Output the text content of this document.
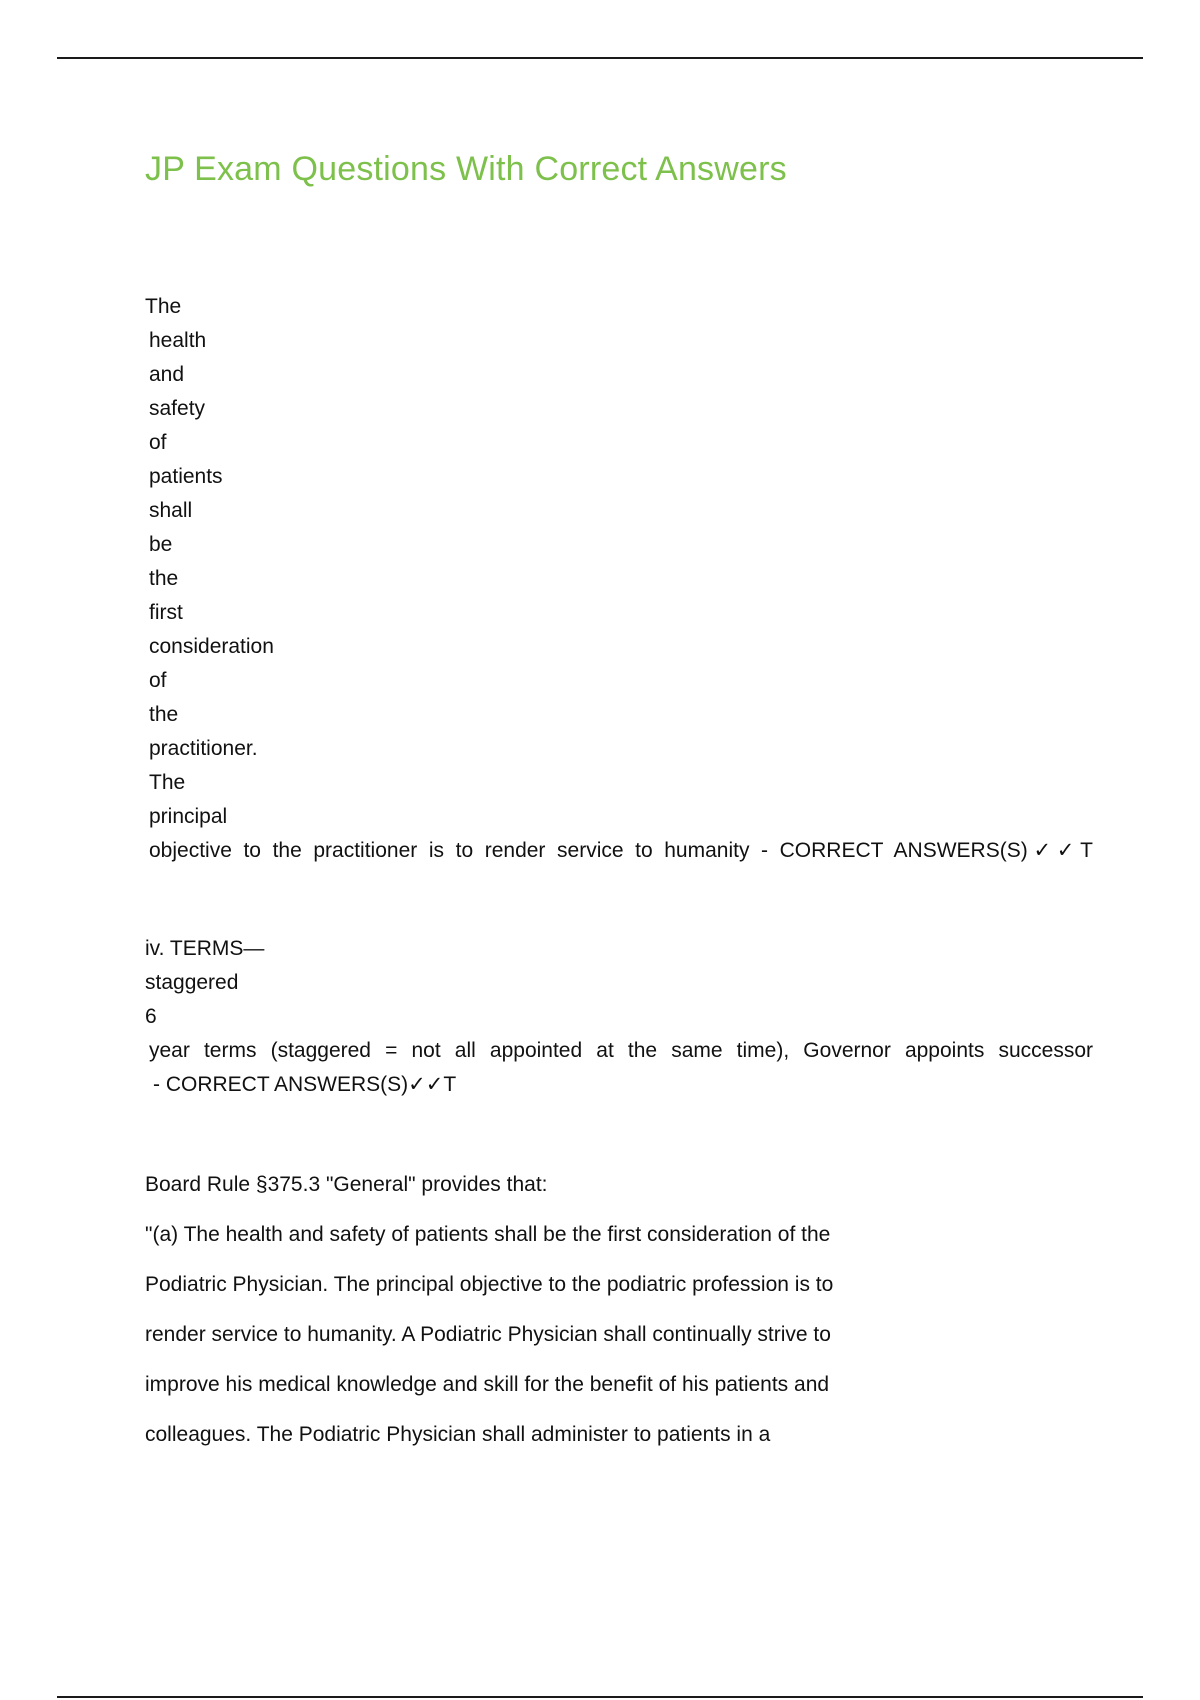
JP Exam Questions With Correct Answers
The
health
and
safety
of
patients
shall
be
the
first
consideration
of
the
practitioner.
The
principal
objective to the practitioner is to render service to humanity - CORRECT ANSWERS(S)✓✓T
iv. TERMS—
staggered
6
year terms (staggered = not all appointed at the same time), Governor appoints successor
- CORRECT ANSWERS(S)✓✓T
Board Rule §375.3 "General" provides that:
"(a) The health and safety of patients shall be the first consideration of the
Podiatric Physician. The principal objective to the podiatric profession is to
render service to humanity. A Podiatric Physician shall continually strive to
improve his medical knowledge and skill for the benefit of his patients and
colleagues. The Podiatric Physician shall administer to patients in a
